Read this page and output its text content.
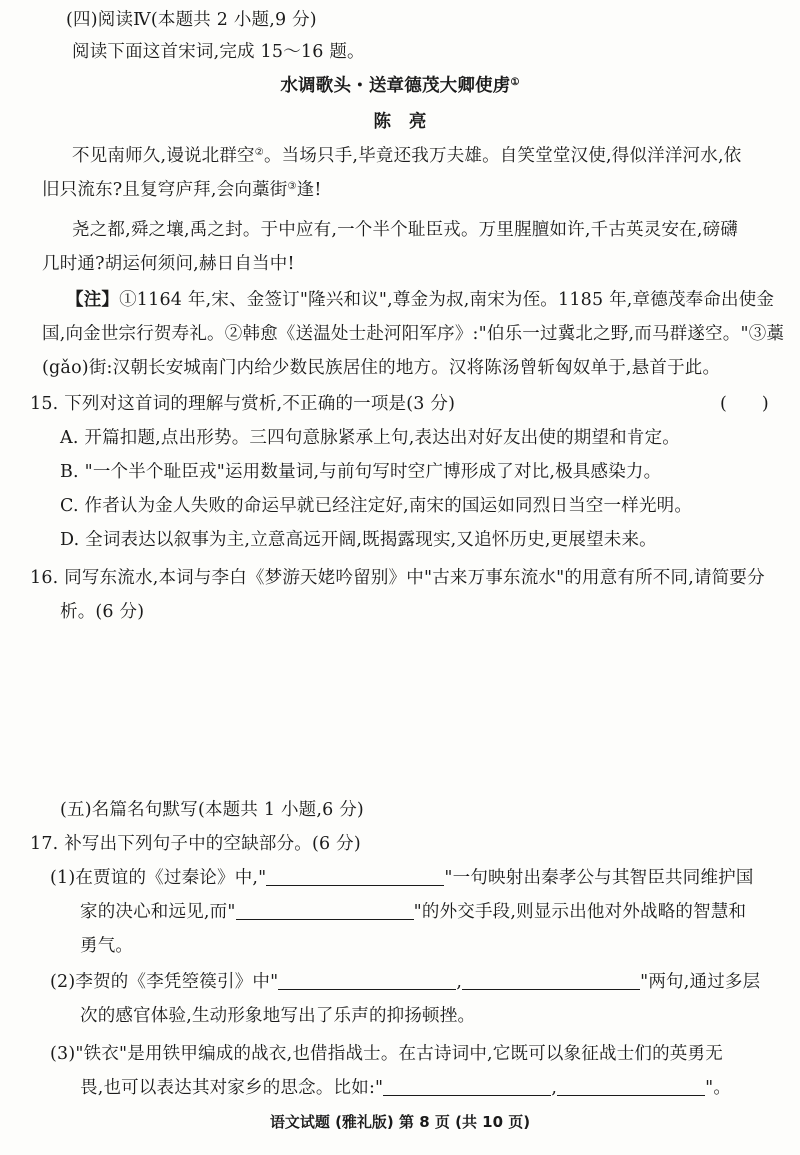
(四)阅读Ⅳ(本题共 2 小题,9 分)
阅读下面这首宋词,完成 15～16 题。
水调歌头・送章德茂大卿使虏①
陈　亮
不见南师久,谩说北群空②。当场只手,毕竟还我万夫雄。自笑堂堂汉使,得似洋洋河水,依
旧只流东?且复穹庐拜,会向藁街③逢!
尧之都,舜之壤,禹之封。于中应有,一个半个耻臣戎。万里腥膻如许,千古英灵安在,磅礴
几时通?胡运何须问,赫日自当中!
【注】①1164 年,宋、金签订"隆兴和议",尊金为叔,南宋为侄。1185 年,章德茂奉命出使金
国,向金世宗行贺寿礼。②韩愈《送温处士赴河阳军序》:"伯乐一过冀北之野,而马群遂空。"③藁
(gǎo)街:汉朝长安城南门内给少数民族居住的地方。汉将陈汤曾斩匈奴单于,悬首于此。
15. 下列对这首词的理解与赏析,不正确的一项是(3 分)	(　　)
A. 开篇扣题,点出形势。三四句意脉紧承上句,表达出对好友出使的期望和肯定。
B. "一个半个耻臣戎"运用数量词,与前句写时空广博形成了对比,极具感染力。
C. 作者认为金人失败的命运早就已经注定好,南宋的国运如同烈日当空一样光明。
D. 全词表达以叙事为主,立意高远开阔,既揭露现实,又追怀历史,更展望未来。
16. 同写东流水,本词与李白《梦游天姥吟留别》中"古来万事东流水"的用意有所不同,请简要分
析。(6 分)
(五)名篇名句默写(本题共 1 小题,6 分)
17. 补写出下列句子中的空缺部分。(6 分)
(1)在贾谊的《过秦论》中,"	"一句映射出秦孝公与其智臣共同维护国
家的决心和远见,而"	"的外交手段,则显示出他对外战略的智慧和
勇气。
(2)李贺的《李凭箜篌引》中"	,	"两句,通过多层
次的感官体验,生动形象地写出了乐声的抑扬顿挫。
(3)"铁衣"是用铁甲编成的战衣,也借指战士。在古诗词中,它既可以象征战士们的英勇无
畏,也可以表达其对家乡的思念。比如:"	,	"。
语文试题 (雅礼版) 第 8 页 (共 10 页)
